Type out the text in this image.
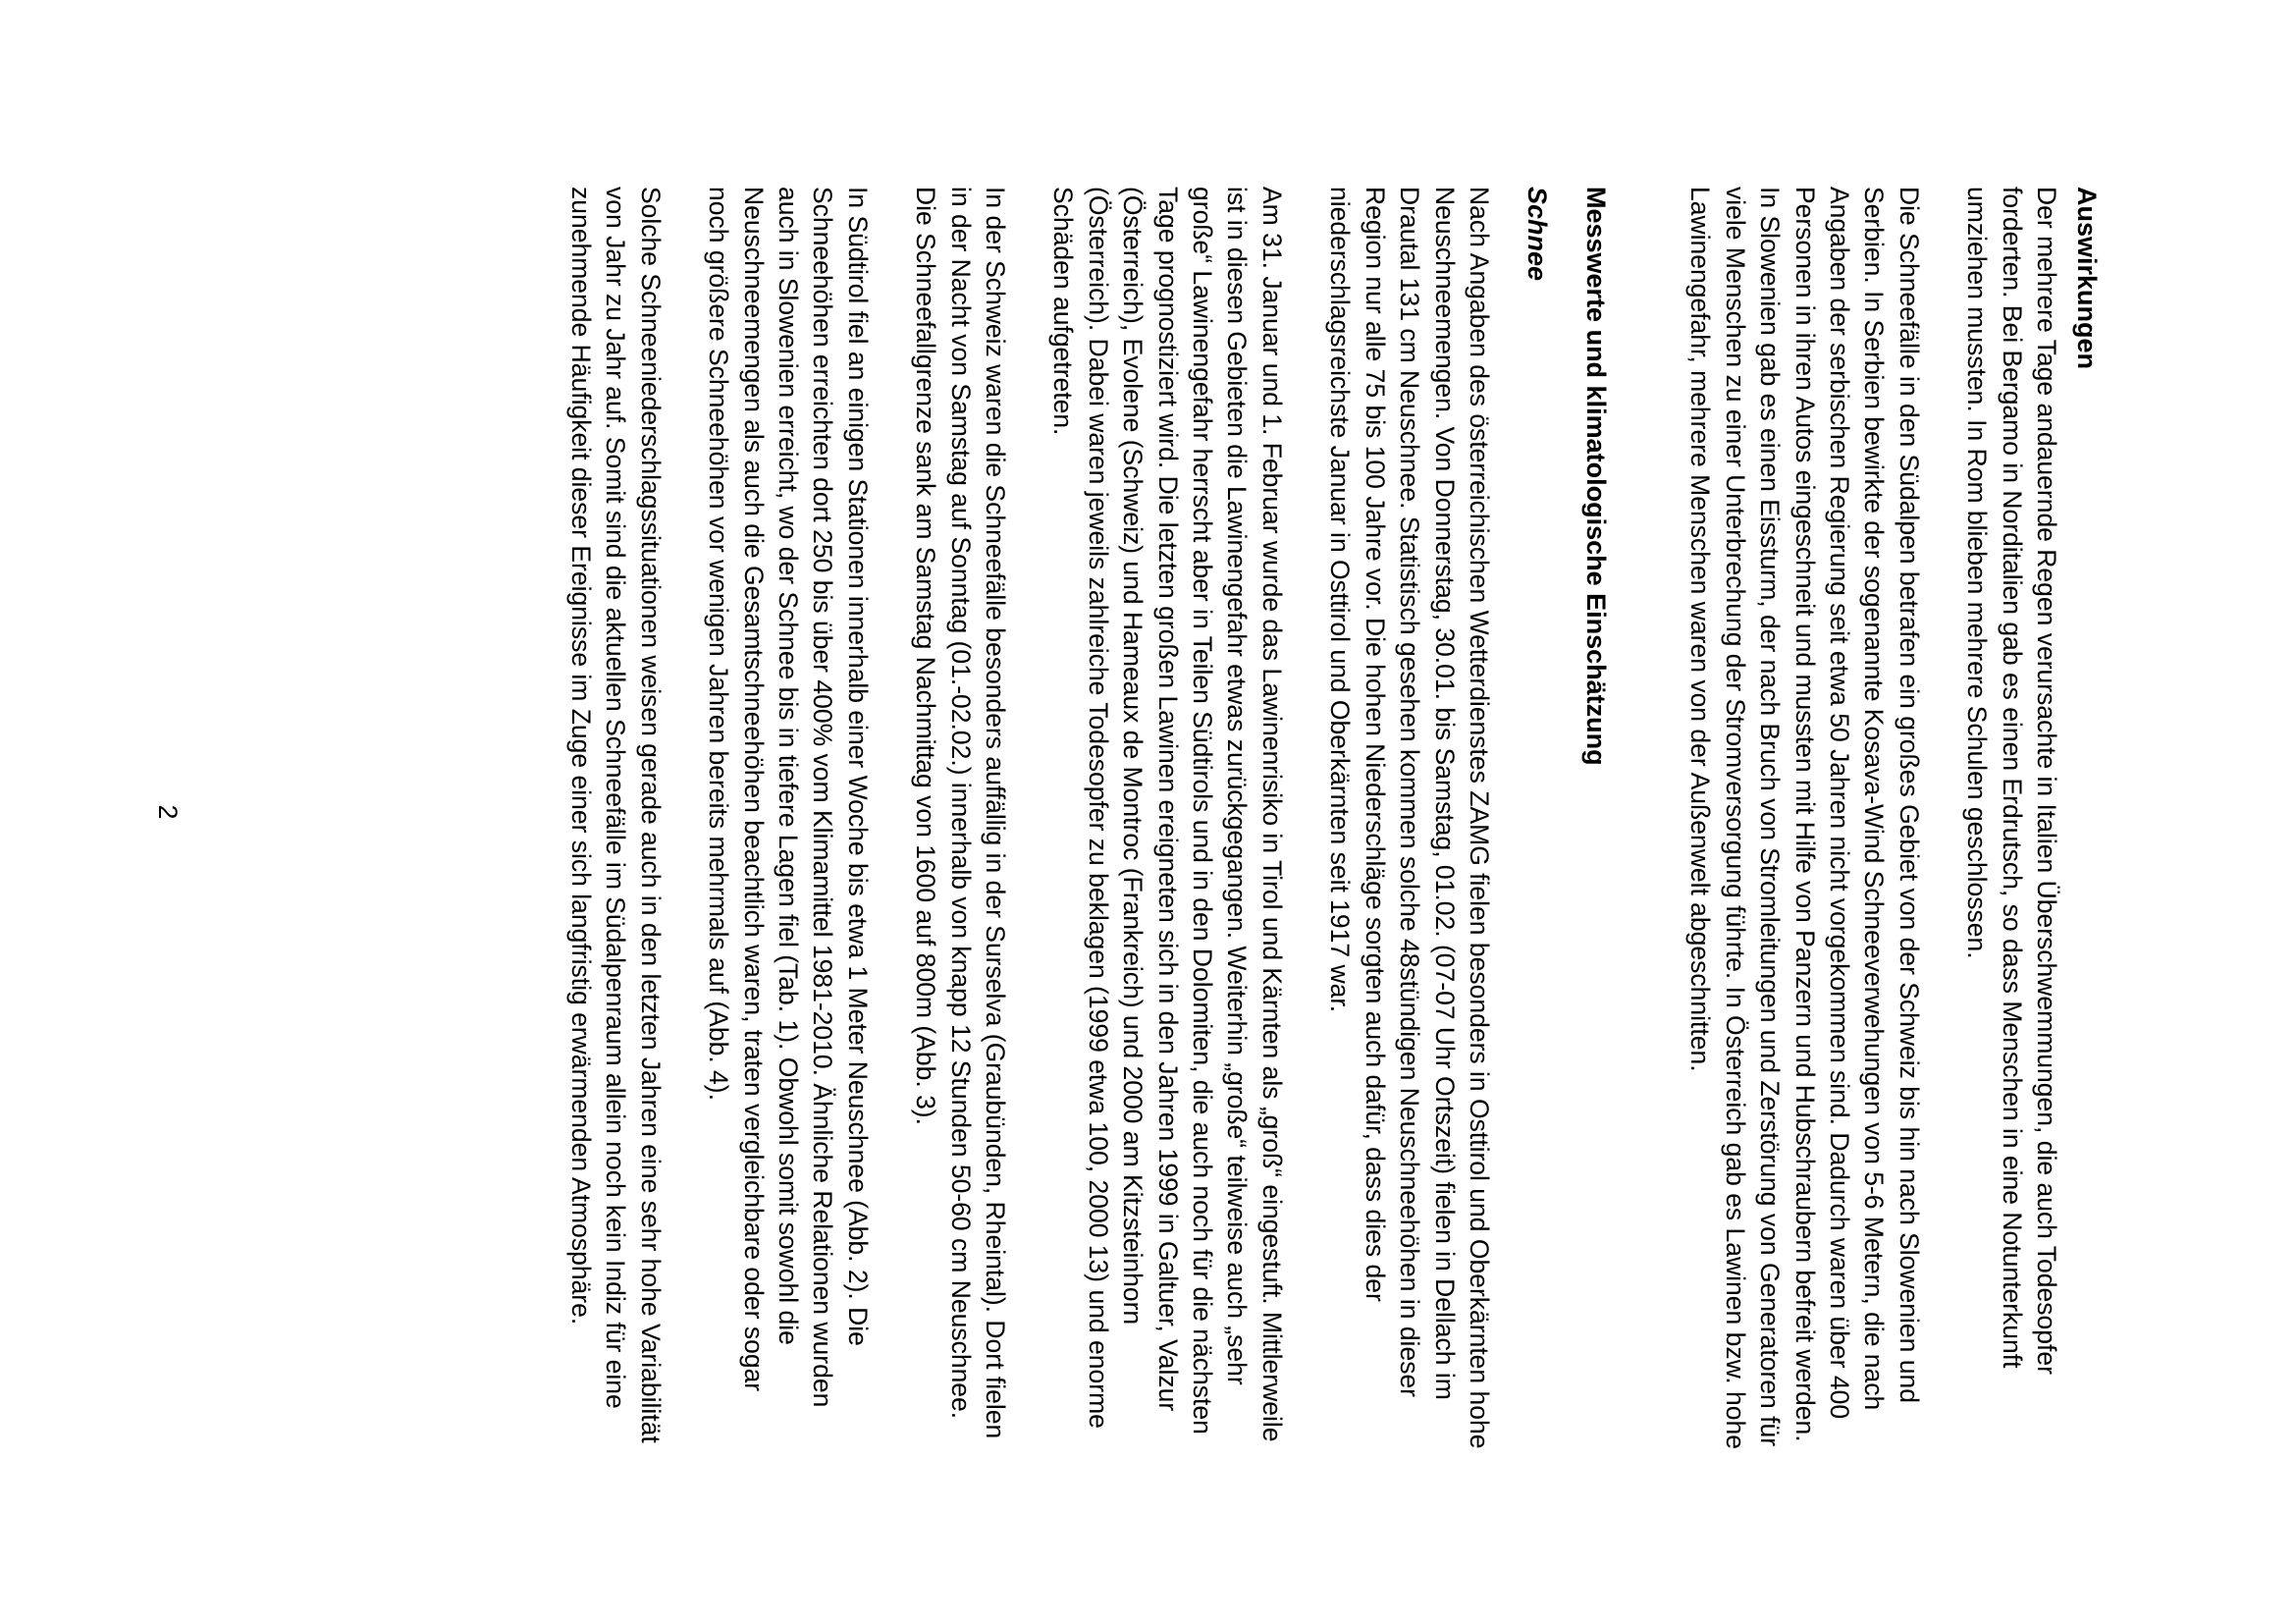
Auswirkungen

Der mehrere Tage andauernde Regen verursachte in Italien Überschwemmungen, die auch Todesopfer forderten. Bei Bergamo in Norditalien gab es einen Erdrutsch, so dass Menschen in eine Notunterkunft umziehen mussten. In Rom blieben mehrere Schulen geschlossen.

Die Schneefälle in den Südalpen betrafen ein großes Gebiet von der Schweiz bis hin nach Slowenien und Serbien. In Serbien bewirkte der sogenannte Kosava-Wind Schneeverwehungen von 5-6 Metern, die nach Angaben der serbischen Regierung seit etwa 50 Jahren nicht vorgekommen sind. Dadurch waren über 400 Personen in ihren Autos eingeschneit und mussten mit Hilfe von Panzern und Hubschraubern befreit werden. In Slowenien gab es einen Eissturm, der nach Bruch von Stromleitungen und Zerstörung von Generatoren für viele Menschen zu einer Unterbrechung der Stromversorgung führte. In Österreich gab es Lawinen bzw. hohe Lawinengefahr, mehrere Menschen waren von der Außenwelt abgeschnitten.

Messwerte und klimatologische Einschätzung
Schnee

Nach Angaben des österreichischen Wetterdienstes ZAMG fielen besonders in Osttirol und Oberkärnten hohe Neuschneemengen. Von Donnerstag, 30.01. bis Samstag, 01.02. (07-07 Uhr Ortszeit) fielen in Dellach im Drautal 131 cm Neuschnee. Statistisch gesehen kommen solche 48stündigen Neuschneehöhen in dieser Region nur alle 75 bis 100 Jahre vor. Die hohen Niederschläge sorgten auch dafür, dass dies der niederschlagsreichste Januar in Osttirol und Oberkärnten seit 1917 war.

Am 31. Januar und 1. Februar wurde das Lawinenrisiko in Tirol und Kärnten als „groß“ eingestuft. Mittlerweile ist in diesen Gebieten die Lawinengefahr etwas zurückgegangen. Weiterhin „große“ teilweise auch „sehr große“ Lawinengefahr herrscht aber in Teilen Südtirols und in den Dolomiten, die auch noch für die nächsten Tage prognostiziert wird. Die letzten großen Lawinen ereigneten sich in den Jahren 1999 in Galtuer, Valzur (Österreich), Evolene (Schweiz) und Hameaux de Montroc (Frankreich) und 2000 am Kitzsteinhorn (Österreich). Dabei waren jeweils zahlreiche Todesopfer zu beklagen (1999 etwa 100, 2000 13) und enorme Schäden aufgetreten.

In der Schweiz waren die Schneefälle besonders auffällig in der Surselva (Graubünden, Rheintal). Dort fielen in der Nacht von Samstag auf Sonntag (01.-02.02.) innerhalb von knapp 12 Stunden 50-60 cm Neuschnee. Die Schneefallgrenze sank am Samstag Nachmittag von 1600 auf 800m (Abb. 3).

In Südtirol fiel an einigen Stationen innerhalb einer Woche bis etwa 1 Meter Neuschnee (Abb. 2). Die Schneehöhen erreichten dort 250 bis über 400% vom Klimamittel 1981-2010. Ähnliche Relationen wurden auch in Slowenien erreicht, wo der Schnee bis in tiefere Lagen fiel (Tab. 1). Obwohl somit sowohl die Neuschneemengen als auch die Gesamtschneehöhen beachtlich waren, traten vergleichbare oder sogar noch größere Schneehöhen vor wenigen Jahren bereits mehrmals auf (Abb. 4).

Solche Schneeniederschlagssituationen weisen gerade auch in den letzten Jahren eine sehr hohe Variabilität von Jahr zu Jahr auf. Somit sind die aktuellen Schneefälle im Südalpenraum allein noch kein Indiz für eine zunehmende Häufigkeit dieser Ereignisse im Zuge einer sich langfristig erwärmenden Atmosphäre.

2
